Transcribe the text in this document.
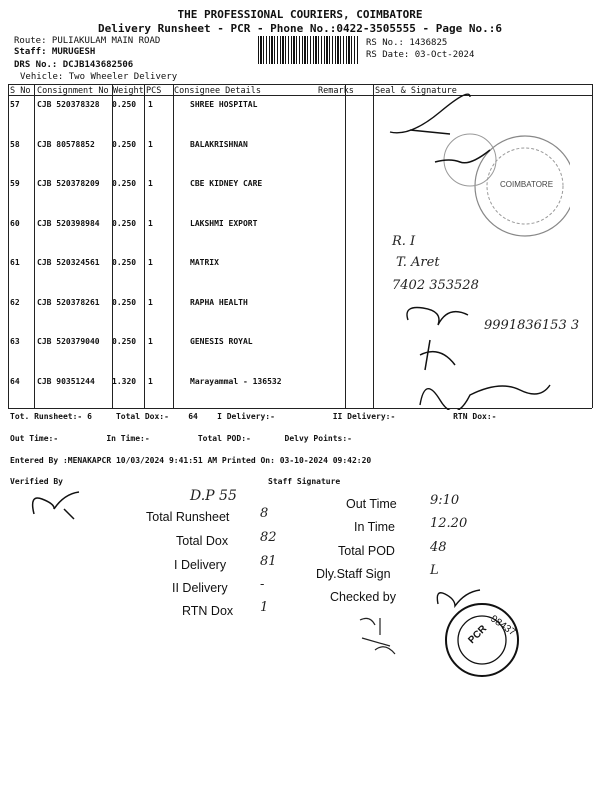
THE PROFESSIONAL COURIERS, COIMBATORE
Delivery Runsheet - PCR - Phone No.:0422-3505555 - Page No.:6
Route: PULIAKULAM MAIN ROAD
Staff: MURUGESH
DRS No.: DCJB143682506
Vehicle: Two Wheeler Delivery
RS No.: 1436825
RS Date: 03-Oct-2024
S No Consignment No Weight PCS Consignee Details	Remarks Seal & Signature
57 CJB 520378328 0.250 1	SHREE HOSPITAL
58 CJB 80578852 0.250 1	BALAKRISHNAN
59 CJB 520378209 0.250 1	CBE KIDNEY CARE
60 CJB 520398984 0.250 1	LAKSHMI EXPORT
61 CJB 520324561 0.250 1	MATRIX
62 CJB 520378261 0.250 1	RAPHA HEALTH
63 CJB 520379040 0.250 1	GENESIS ROYAL
64 CJB 90351244 1.320 1	Marayammal - 136532
COIMBATORE
R. I
T. Aret
7402 353528
9991836153 3
Tot. Runsheet:- 6     Total Dox:-    64    I Delivery:-            II Delivery:-            RTN Dox:-
Out Time:-          In Time:-          Total POD:-       Delvy Points:-
Entered By :MENAKAPCR 10/03/2024 9:41:51 AM Printed On: 03-10-2024 09:42:20
Verified By	Staff Signature
D.P 55
Total Runsheet 8
Total Dox 82
I Delivery	81
II Delivery -
RTN Dox 1
Out Time	9:10
In Time	12.20
Total POD	48
Dly.Staff Sign	L
Checked by
98437
PCR
